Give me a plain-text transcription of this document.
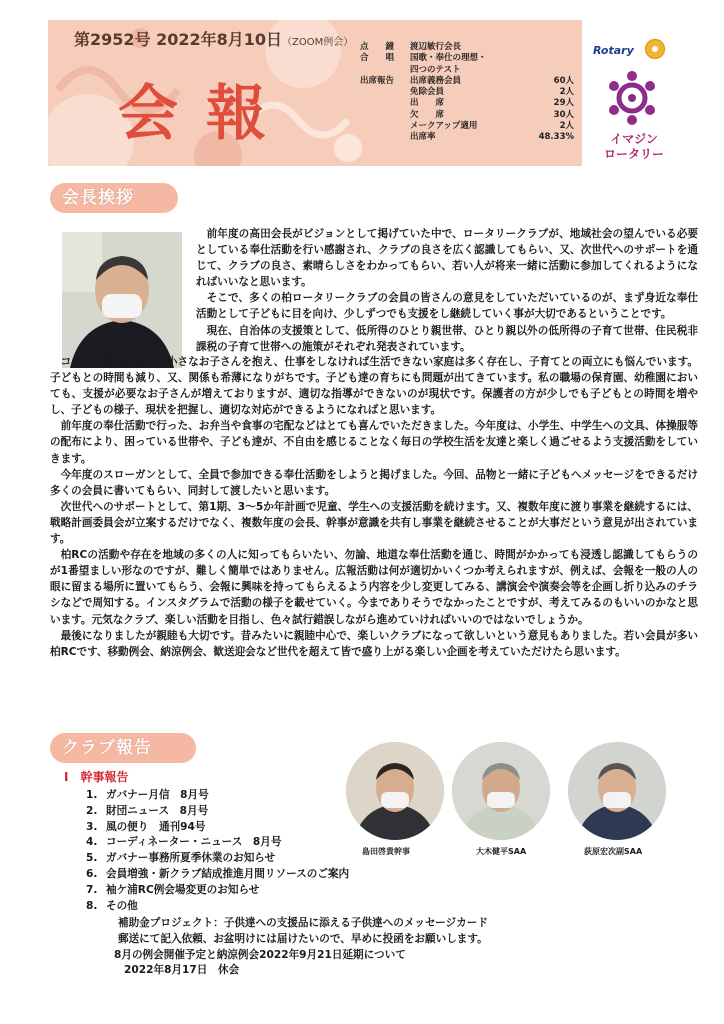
第2952号 2022年8月10日（ZOOM例会）
会報
点　　鐘	渡辺敏行会長
合　　唱	国歌・奉仕の理想・
四つのテスト
出席報告	出席義務会員	60人
免除会員	2人
出　　席	29人
欠　　席	30人
メークアップ適用	2人
出席率	48.33%
Rotary
イマジン
ロータリー
会長挨拶

前年度の高田会長がビジョンとして掲げていた中で、ロータリークラブが、地域社会の望んでいる必要としている奉仕活動を行い感謝され、クラブの良さを広く認識してもらい、又、次世代へのサポートを通じて、クラブの良さ、素晴らしさをわかってもらい、若い人が将来一緒に活動に参加してくれるようになればいいなと思います。

そこで、多くの柏ロータリークラブの会員の皆さんの意見をしていただいているのが、まず身近な奉仕活動として子どもに目を向け、少しずつでも支援をし継続していく事が大切であるということです。

現在、自治体の支援策として、低所得のひとり親世帯、ひとり親以外の低所得の子育て世帯、住民税非課税の子育て世帯への施策がそれぞれ発表されています。

コロナの時代において小さなお子さんを抱え、仕事をしなければ生活できない家庭は多く存在し、子育てとの両立にも悩んでいます。子どもとの時間も減り、又、関係も希薄になりがちです。子ども達の育ちにも問題が出てきています。私の職場の保育園、幼稚園においても、支援が必要なお子さんが増えておりますが、適切な指導ができないのが現状です。保護者の方が少しでも子どもとの時間を増やし、子どもの様子、現状を把握し、適切な対応ができるようになればと思います。

前年度の奉仕活動で行った、お弁当や食事の宅配などはとても喜んでいただきました。今年度は、小学生、中学生への文具、体操服等の配布により、困っている世帯や、子ども達が、不自由を感じることなく毎日の学校生活を友達と楽しく過ごせるよう支援活動をしていきます。

今年度のスローガンとして、全員で参加できる奉仕活動をしようと掲げました。今回、品物と一緒に子どもへメッセージをできるだけ多くの会員に書いてもらい、同封して渡したいと思います。

次世代へのサポートとして、第1期、3～5か年計画で児童、学生への支援活動を続けます。又、複数年度に渡り事業を継続するには、戦略計画委員会が立案するだけでなく、複数年度の会長、幹事が意識を共有し事業を継続させることが大事だという意見が出されています。

柏RCの活動や存在を地域の多くの人に知ってもらいたい、勿論、地道な奉仕活動を通じ、時間がかかっても浸透し認識してもらうのが1番望ましい形なのですが、難しく簡単ではありません。広報活動は何が適切かいくつか考えられますが、例えば、会報を一般の人の眼に留まる場所に置いてもらう、会報に興味を持ってもらえるよう内容を少し変更してみる、講演会や演奏会等を企画し折り込みのチラシなどで周知する。インスタグラムで活動の様子を載せていく。今までありそうでなかったことですが、考えてみるのもいいのかなと思います。元気なクラブ、楽しい活動を目指し、色々試行錯誤しながら進めていければいいのではないでしょうか。

最後になりましたが親睦も大切です。昔みたいに親睦中心で、楽しいクラブになって欲しいという意見もありました。若い会員が多い柏RCです、移動例会、納涼例会、歓送迎会など世代を超えて皆で盛り上がる楽しい企画を考えていただけたら思います。

クラブ報告
Ⅰ　幹事報告
1. ガバナー月信　8月号
2. 財団ニュース　8月号
3. 風の便り　通刊94号
4. コーディネーター・ニュース　8月号
5. ガバナー事務所夏季休業のお知らせ
6. 会員増強・新クラブ結成推進月間リソースのご案内
7. 袖ケ浦RC例会場変更のお知らせ
8. その他
補助金プロジェクト：子供達への支援品に添える子供達へのメッセージカード
郵送にて記入依頼、お盆明けには届けたいので、早めに投函をお願いします。
8月の例会開催予定と納涼例会2022年9月21日延期について
2022年8月17日　休会
島田啓貴幹事	大木健平SAA	荻原宏次副SAA
